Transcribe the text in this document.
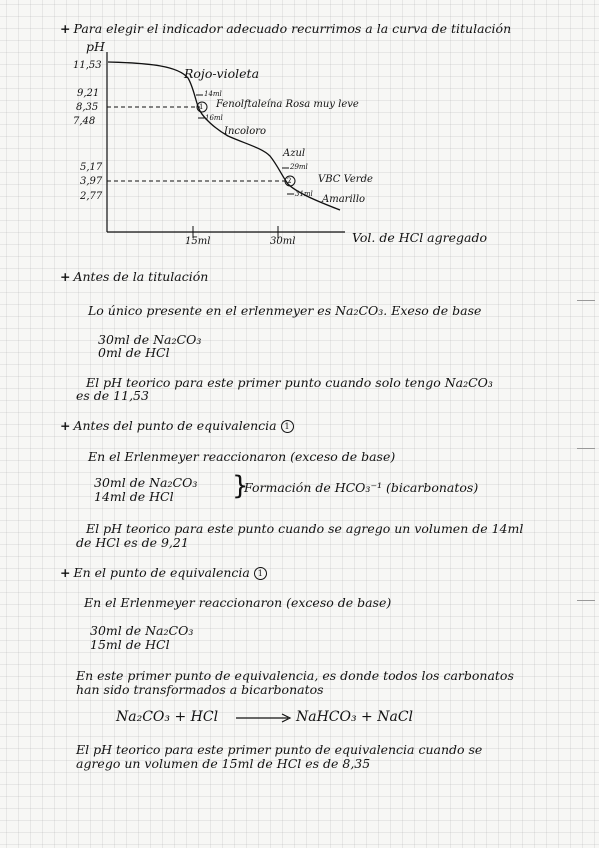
+ Para elegir el indicador adecuado recurrimos a la curva de titulación
pH
11,53
9,21
8,35
7,48
5,17
3,97
2,77
15ml	30ml	Vol. de HCl agregado
Rojo-violeta
Fenolftaleína Rosa muy leve
Incoloro
Azul
VBC Verde
Amarillo
14ml
16ml
29ml
31ml
1
2
+ Antes de la titulación
Lo único presente en el erlenmeyer es Na₂CO₃. Exeso de base
30ml de Na₂CO₃
0ml de HCl
El pH teorico para este primer punto cuando solo tengo Na₂CO₃
es de 11,53
+ Antes del punto de equivalencia 1
En el Erlenmeyer reaccionaron (exceso de base)
30ml de Na₂CO₃
14ml de HCl }
Formación de HCO₃⁻¹ (bicarbonatos)
El pH teorico para este punto cuando se agrego un volumen de 14ml
de HCl es de 9,21
+ En el punto de equivalencia 1
En el Erlenmeyer reaccionaron (exceso de base)
30ml de Na₂CO₃
15ml de HCl
En este primer punto de equivalencia, es donde todos los carbonatos
han sido transformados a bicarbonatos
Na₂CO₃ + HCl → NaHCO₃ + NaCl
El pH teorico para este primer punto de equivalencia cuando se
agrego un volumen de 15ml de HCl es de 8,35
